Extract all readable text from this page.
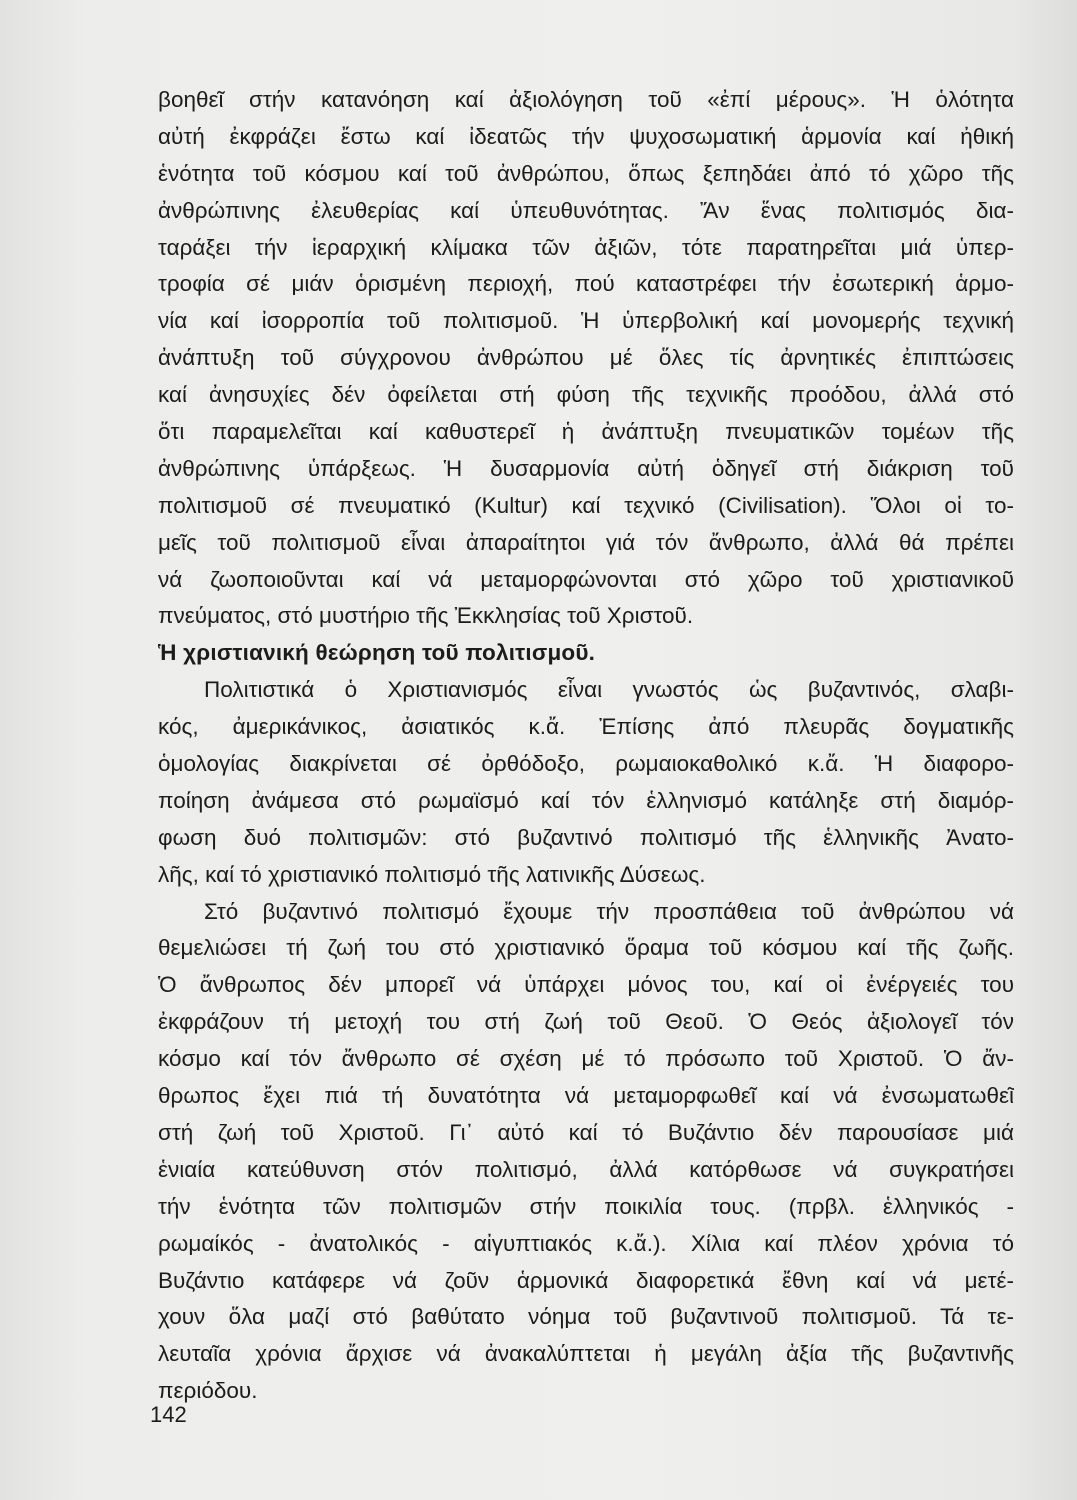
βοηθεῖ στήν κατανόηση καί ἀξιολόγηση τοῦ «ἐπί μέρους». Ἡ ὁλότητα
αὐτή ἐκφράζει ἔστω καί ἰδεατῶς τήν ψυχοσωματική ἁρμονία καί ἠθική
ἑνότητα τοῦ κόσμου καί τοῦ ἀνθρώπου, ὅπως ξεπηδάει ἀπό τό χῶρο τῆς
ἀνθρώπινης ἐλευθερίας καί ὑπευθυνότητας. Ἄν ἕνας πολιτισμός δια-
ταράξει τήν ἱεραρχική κλίμακα τῶν ἀξιῶν, τότε παρατηρεῖται μιά ὑπερ-
τροφία σέ μιάν ὁρισμένη περιοχή, πού καταστρέφει τήν ἐσωτερική ἁρμο-
νία καί ἰσορροπία τοῦ πολιτισμοῦ. Ἡ ὑπερβολική καί μονομερής τεχνική
ἀνάπτυξη τοῦ σύγχρονου ἀνθρώπου μέ ὅλες τίς ἀρνητικές ἐπιπτώσεις
καί ἀνησυχίες δέν ὀφείλεται στή φύση τῆς τεχνικῆς προόδου, ἀλλά στό
ὅτι παραμελεῖται καί καθυστερεῖ ἡ ἀνάπτυξη πνευματικῶν τομέων τῆς
ἀνθρώπινης ὑπάρξεως. Ἡ δυσαρμονία αὐτή ὁδηγεῖ στή διάκριση τοῦ
πολιτισμοῦ σέ πνευματικό (Kultur) καί τεχνικό (Civilisation). Ὅλοι οἱ το-
μεῖς τοῦ πολιτισμοῦ εἶναι ἀπαραίτητοι γιά τόν ἄνθρωπο, ἀλλά θά πρέπει
νά ζωοποιοῦνται καί νά μεταμορφώνονται στό χῶρο τοῦ χριστιανικοῦ
πνεύματος, στό μυστήριο τῆς Ἐκκλησίας τοῦ Χριστοῦ.
Ἡ χριστιανική θεώρηση τοῦ πολιτισμοῦ.
Πολιτιστικά ὁ Χριστιανισμός εἶναι γνωστός ὡς βυζαντινός, σλαβι-
κός, ἀμερικάνικος, ἀσιατικός κ.ἄ. Ἐπίσης ἀπό πλευρᾶς δογματικῆς
ὁμολογίας διακρίνεται σέ ὀρθόδοξο, ρωμαιοκαθολικό κ.ἄ. Ἡ διαφορο-
ποίηση ἀνάμεσα στό ρωμαϊσμό καί τόν ἑλληνισμό κατάληξε στή διαμόρ-
φωση δυό πολιτισμῶν: στό βυζαντινό πολιτισμό τῆς ἑλληνικῆς Ἀνατο-
λῆς, καί τό χριστιανικό πολιτισμό τῆς λατινικῆς Δύσεως.
Στό βυζαντινό πολιτισμό ἔχουμε τήν προσπάθεια τοῦ ἀνθρώπου νά
θεμελιώσει τή ζωή του στό χριστιανικό ὅραμα τοῦ κόσμου καί τῆς ζωῆς.
Ὁ ἄνθρωπος δέν μπορεῖ νά ὑπάρχει μόνος του, καί οἱ ἐνέργειές του
ἐκφράζουν τή μετοχή του στή ζωή τοῦ Θεοῦ. Ὁ Θεός ἀξιολογεῖ τόν
κόσμο καί τόν ἄνθρωπο σέ σχέση μέ τό πρόσωπο τοῦ Χριστοῦ. Ὁ ἄν-
θρωπος ἔχει πιά τή δυνατότητα νά μεταμορφωθεῖ καί νά ἐνσωματωθεῖ
στή ζωή τοῦ Χριστοῦ. Γι᾽ αὐτό καί τό Βυζάντιο δέν παρουσίασε μιά
ἑνιαία κατεύθυνση στόν πολιτισμό, ἀλλά κατόρθωσε νά συγκρατήσει
τήν ἑνότητα τῶν πολιτισμῶν στήν ποικιλία τους. (πρβλ. ἑλληνικός -
ρωμαίκός - ἀνατολικός - αἰγυπτιακός κ.ἄ.). Χίλια καί πλέον χρόνια τό
Βυζάντιο κατάφερε νά ζοῦν ἁρμονικά διαφορετικά ἔθνη καί νά μετέ-
χουν ὅλα μαζί στό βαθύτατο νόημα τοῦ βυζαντινοῦ πολιτισμοῦ. Τά τε-
λευταῖα χρόνια ἄρχισε νά ἀνακαλύπτεται ἡ μεγάλη ἀξία τῆς βυζαντινῆς
περιόδου.
142
